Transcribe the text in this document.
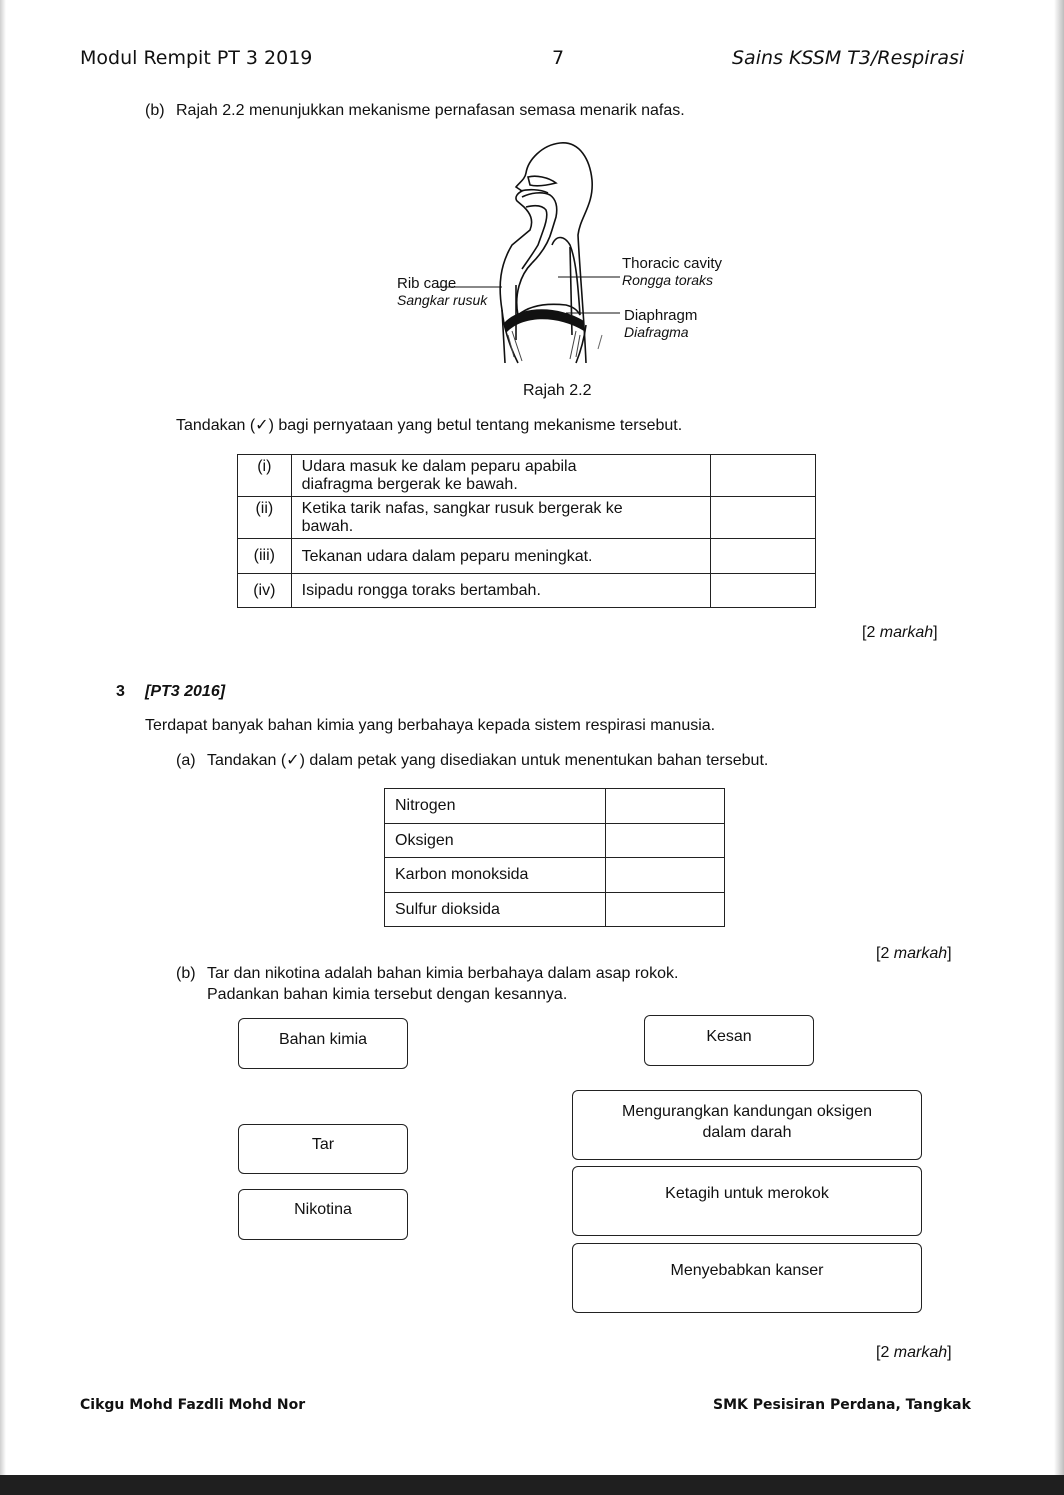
Modul Rempit PT 3 2019	7	Sains KSSM T3/Respirasi
(b) Rajah 2.2 menunjukkan mekanisme pernafasan semasa menarik nafas.
Rib cage
Sangkar rusuk
Thoracic cavity
Rongga toraks
Diaphragm
Diafragma
Rajah 2.2
Tandakan (✓) bagi pernyataan yang betul tentang mekanisme tersebut.
(i)	Udara masuk ke dalam peparu apabila
diafragma bergerak ke bawah.	
(ii)	Ketika tarik nafas, sangkar rusuk bergerak ke
bawah.	
(iii)	Tekanan udara dalam peparu meningkat.	
(iv)	Isipadu rongga toraks bertambah.	
[2 markah]
3 [PT3 2016]
Terdapat banyak bahan kimia yang berbahaya kepada sistem respirasi manusia.
(a) Tandakan (✓) dalam petak yang disediakan untuk menentukan bahan tersebut.
Nitrogen	
Oksigen	
Karbon monoksida	
Sulfur dioksida	
[2 markah]
(b) Tar dan nikotina adalah bahan kimia berbahaya dalam asap rokok.
Padankan bahan kimia tersebut dengan kesannya.
Bahan kimia	Kesan
Tar
Nikotina
Mengurangkan kandungan oksigen
dalam darah
Ketagih untuk merokok
Menyebabkan kanser
[2 markah]
Cikgu Mohd Fazdli Mohd Nor	SMK Pesisiran Perdana, Tangkak
